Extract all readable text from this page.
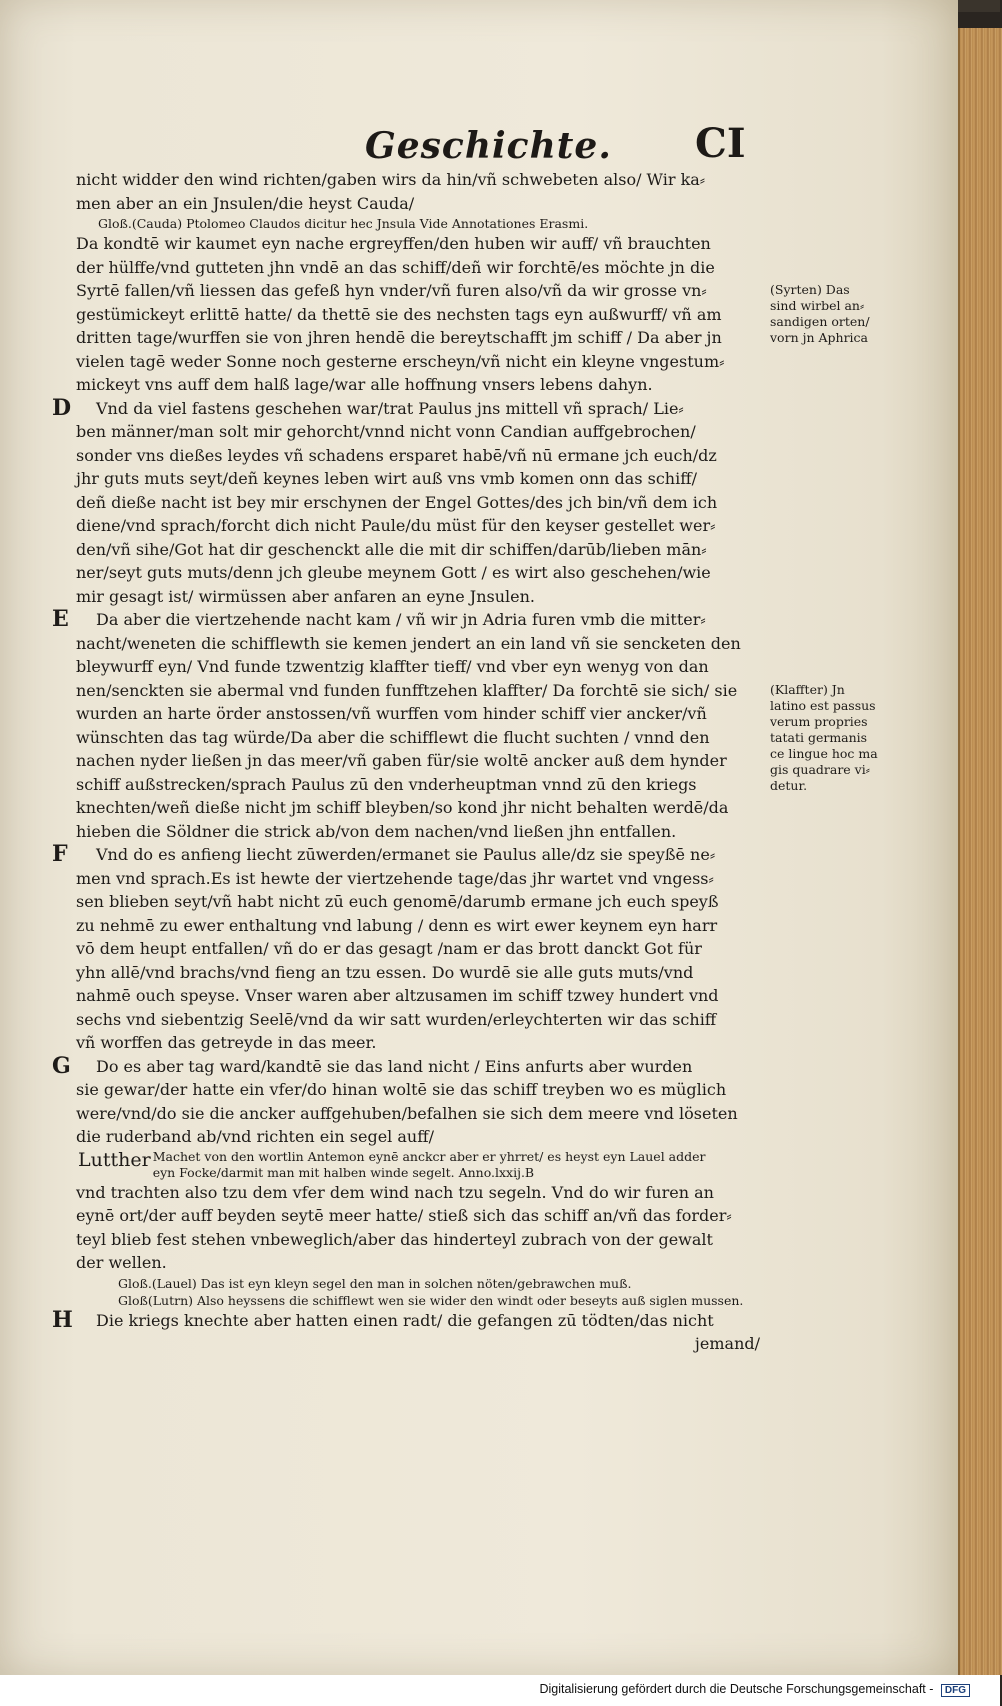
Geschichte. CI
nicht widder den wind richten/gaben wirs da hin/vñ schwebeten also/ Wir ka⸗
men aber an ein Jnsulen/die heyst Cauda/
Gloß.(Cauda) Ptolomeo Claudos dicitur hec Jnsula Vide Annotationes Erasmi.
Da kondtē wir kaumet eyn nache ergreyffen/den huben wir auff/ vñ brauchten
der hülffe/vnd gutteten jhn vndē an das schiff/deñ wir forchtē/es möchte jn die
Syrtē fallen/vñ liessen das gefeß hyn vnder/vñ furen also/vñ da wir grosse vn⸗
gestümickeyt erlittē hatte/ da thettē sie des nechsten tags eyn außwurff/ vñ am
dritten tage/wurffen sie von jhren hendē die bereytschafft jm schiff / Da aber jn
vielen tagē weder Sonne noch gesterne erscheyn/vñ nicht ein kleyne vngestum⸗
mickeyt vns auff dem halß lage/war alle hoffnung vnsers lebens dahyn.
D Vnd da viel fastens geschehen war/trat Paulus jns mittell vñ sprach/ Lie⸗
ben männer/man solt mir gehorcht/vnnd nicht vonn Candian auffgebrochen/
sonder vns dießes leydes vñ schadens ersparet habē/vñ nū ermane jch euch/dz
jhr guts muts seyt/deñ keynes leben wirt auß vns vmb komen onn das schiff/
deñ dieße nacht ist bey mir erschynen der Engel Gottes/des jch bin/vñ dem ich
diene/vnd sprach/forcht dich nicht Paule/du müst für den keyser gestellet wer⸗
den/vñ sihe/Got hat dir geschenckt alle die mit dir schiffen/darūb/lieben mān⸗
ner/seyt guts muts/denn jch gleube meynem Gott / es wirt also geschehen/wie
mir gesagt ist/ wirmüssen aber anfaren an eyne Jnsulen.
E Da aber die viertzehende nacht kam / vñ wir jn Adria furen vmb die mitter⸗
nacht/weneten die schifflewth sie kemen jendert an ein land vñ sie sencketen den
bleywurff eyn/ Vnd funde tzwentzig klaffter tieff/ vnd vber eyn wenyg von dan
nen/senckten sie abermal vnd funden funfftzehen klaffter/ Da forchtē sie sich/ sie
wurden an harte örder anstossen/vñ wurffen vom hinder schiff vier ancker/vñ
wünschten das tag würde/Da aber die schifflewt die flucht suchten / vnnd den
nachen nyder ließen jn das meer/vñ gaben für/sie woltē ancker auß dem hynder
schiff außstrecken/sprach Paulus zū den vnderheuptman vnnd zū den kriegs
knechten/weñ dieße nicht jm schiff bleyben/so kond jhr nicht behalten werdē/da
hieben die Söldner die strick ab/von dem nachen/vnd ließen jhn entfallen.
F Vnd do es anfieng liecht zūwerden/ermanet sie Paulus alle/dz sie speyßē ne⸗
men vnd sprach.Es ist hewte der viertzehende tage/das jhr wartet vnd vngess⸗
sen blieben seyt/vñ habt nicht zū euch genomē/darumb ermane jch euch speyß
zu nehmē zu ewer enthaltung vnd labung / denn es wirt ewer keynem eyn harr
vō dem heupt entfallen/ vñ do er das gesagt /nam er das brott danckt Got für
yhn allē/vnd brachs/vnd fieng an tzu essen. Do wurdē sie alle guts muts/vnd
nahmē ouch speyse. Vnser waren aber altzusamen im schiff tzwey hundert vnd
sechs vnd siebentzig Seelē/vnd da wir satt wurden/erleychterten wir das schiff
vñ worffen das getreyde in das meer.
G Do es aber tag ward/kandtē sie das land nicht / Eins anfurts aber wurden
sie gewar/der hatte ein vfer/do hinan woltē sie das schiff treyben wo es müglich
were/vnd/do sie die ancker auffgehuben/befalhen sie sich dem meere vnd löseten
die ruderband ab/vnd richten ein segel auff/
Lutther Machet von den wortlin Antemon eynē anckcr aber er yhrret/ es heyst eyn Lauel adder
eyn Focke/darmit man mit halben winde segelt. Anno.lxxij.B
vnd trachten also tzu dem vfer dem wind nach tzu segeln. Vnd do wir furen an
eynē ort/der auff beyden seytē meer hatte/ stieß sich das schiff an/vñ das forder⸗
teyl blieb fest stehen vnbeweglich/aber das hinderteyl zubrach von der gewalt
der wellen.
Gloß.(Lauel) Das ist eyn kleyn segel den man in solchen nöten/gebrawchen muß.
Gloß(Lutrn) Also heyssens die schifflewt wen sie wider den windt oder beseyts auß siglen mussen.
H Die kriegs knechte aber hatten einen radt/ die gefangen zū tödten/das nicht
jemand/
(Syrten) Das
sind wirbel an⸗
sandigen orten/
vorn jn Aphrica
(Klaffter) Jn
latino est passus
verum propries
tatati germanis
ce lingue hoc ma
gis quadrare vi⸗
detur.
Digitalisierung gefördert durch die Deutsche Forschungsgemeinschaft - DFG
